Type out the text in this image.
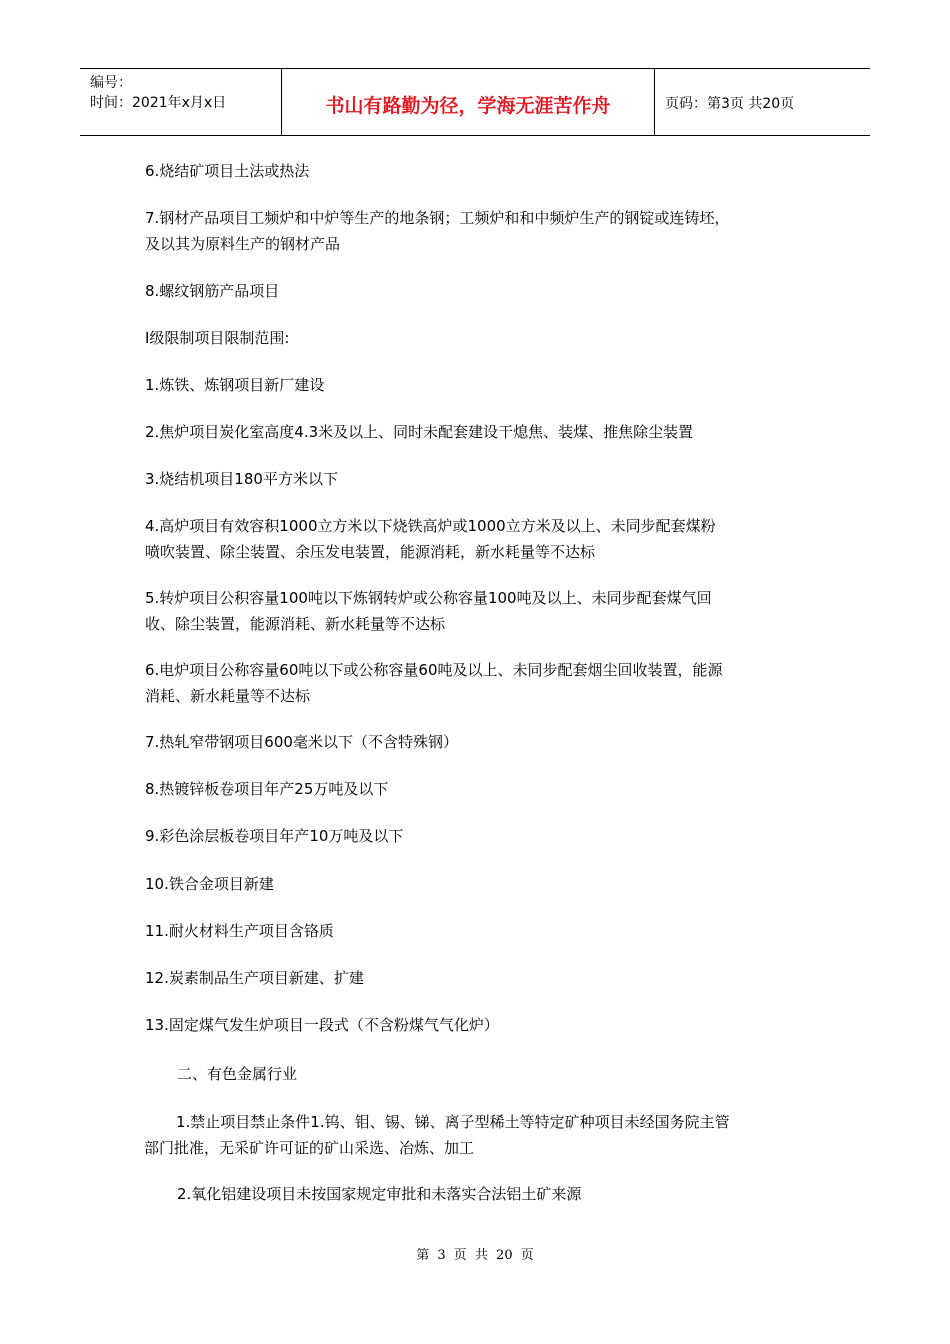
编号：
时间：2021年x月x日	书山有路勤为径，学海无涯苦作舟	页码：第3页 共20页
6.烧结矿项目土法或热法
7.钢材产品项目工频炉和中炉等生产的地条钢；工频炉和和中频炉生产的钢锭或连铸坯，
及以其为原料生产的钢材产品
8.螺纹钢筋产品项目
Ⅰ级限制项目限制范围:
1.炼铁、炼钢项目新厂建设
2.焦炉项目炭化室高度4.3米及以上、同时未配套建设干熄焦、装煤、推焦除尘装置
3.烧结机项目180平方米以下
4.高炉项目有效容积1000立方米以下烧铁高炉或1000立方米及以上、未同步配套煤粉
喷吹装置、除尘装置、余压发电装置，能源消耗，新水耗量等不达标
5.转炉项目公积容量100吨以下炼钢转炉或公称容量100吨及以上、未同步配套煤气回
收、除尘装置，能源消耗、新水耗量等不达标
6.电炉项目公称容量60吨以下或公称容量60吨及以上、未同步配套烟尘回收装置，能源
消耗、新水耗量等不达标
7.热轧窄带钢项目600毫米以下（不含特殊钢）
8.热镀锌板卷项目年产25万吨及以下
9.彩色涂层板卷项目年产10万吨及以下
10.铁合金项目新建
11.耐火材料生产项目含铬质
12.炭素制品生产项目新建、扩建
13.固定煤气发生炉项目一段式（不含粉煤气气化炉）
二、有色金属行业
1.禁止项目禁止条件1.钨、钼、锡、锑、离子型稀土等特定矿种项目未经国务院主管
部门批准，无采矿许可证的矿山采选、冶炼、加工
2.氧化铝建设项目未按国家规定审批和未落实合法铝土矿来源
第 3 页 共 20 页
